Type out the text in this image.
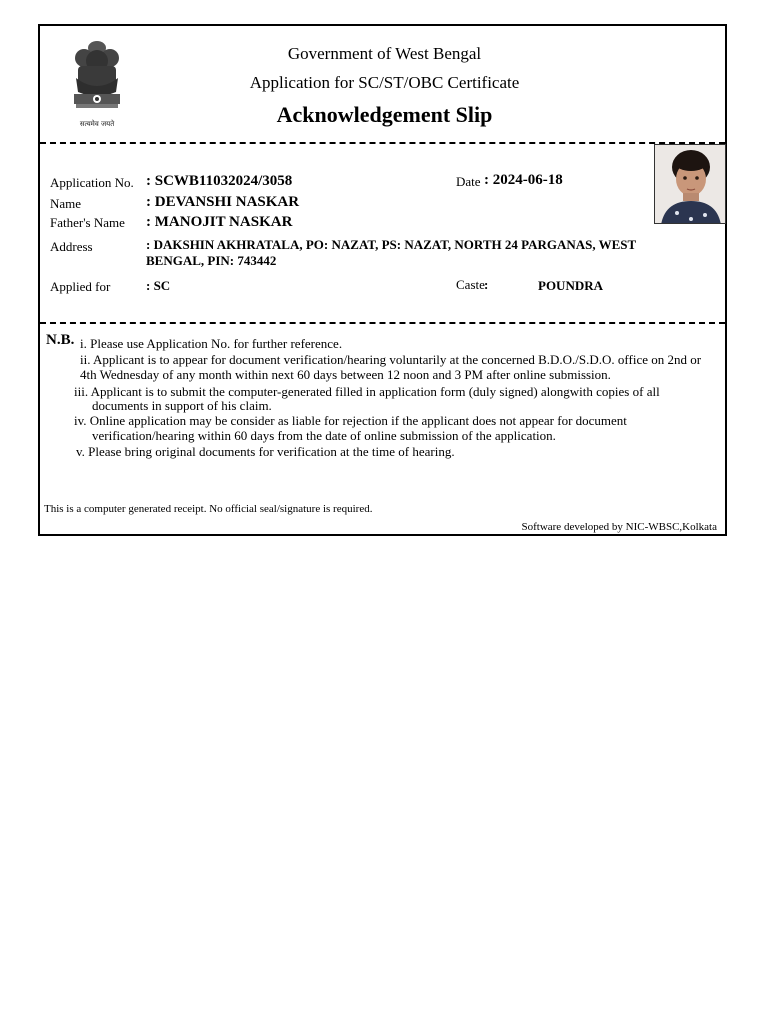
सत्यमेव जयते
Government of West Bengal
Application for SC/ST/OBC Certificate
Acknowledgement Slip
Application No. : SCWB11032024/3058	Date : 2024-06-18
Name	: DEVANSHI NASKAR
Father's Name : MANOJIT NASKAR
Address	: DAKSHIN AKHRATALA, PO: NAZAT, PS: NAZAT, NORTH 24 PARGANAS, WEST
BENGAL, PIN: 743442
Applied for	: SC	Caste :	POUNDRA
N.B. i. Please use Application No. for further reference.
ii. Applicant is to appear for document verification/hearing voluntarily at the concerned B.D.O./S.D.O. office on 2nd or
4th Wednesday of any month within next 60 days between 12 noon and 3 PM after online submission.
iii. Applicant is to submit the computer-generated filled in application form (duly signed) alongwith copies of all
documents in support of his claim.
iv. Online application may be consider as liable for rejection if the applicant does not appear for document
verification/hearing within 60 days from the date of online submission of the application.
v. Please bring original documents for verification at the time of hearing.
This is a computer generated receipt. No official seal/signature is required.
Software developed by NIC-WBSC,Kolkata
